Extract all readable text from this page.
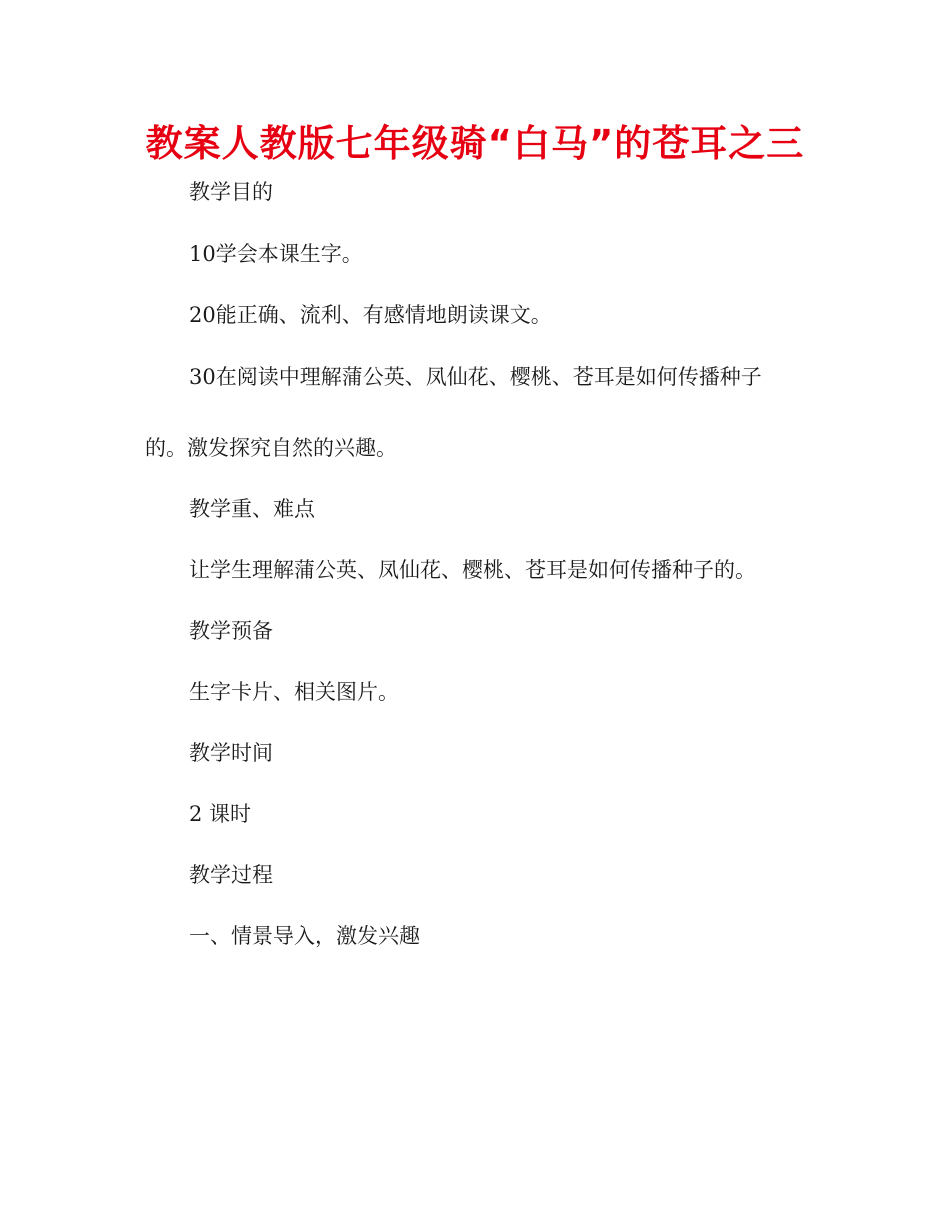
教案人教版七年级骑“白马”的苍耳之三
教学目的
10学会本课生字。
20能正确、流利、有感情地朗读课文。
30在阅读中理解蒲公英、凤仙花、樱桃、苍耳是如何传播种子
的。激发探究自然的兴趣。
教学重、难点
让学生理解蒲公英、凤仙花、樱桃、苍耳是如何传播种子的。
教学预备
生字卡片、相关图片。
教学时间
2 课时
教学过程
一、情景导入，激发兴趣
